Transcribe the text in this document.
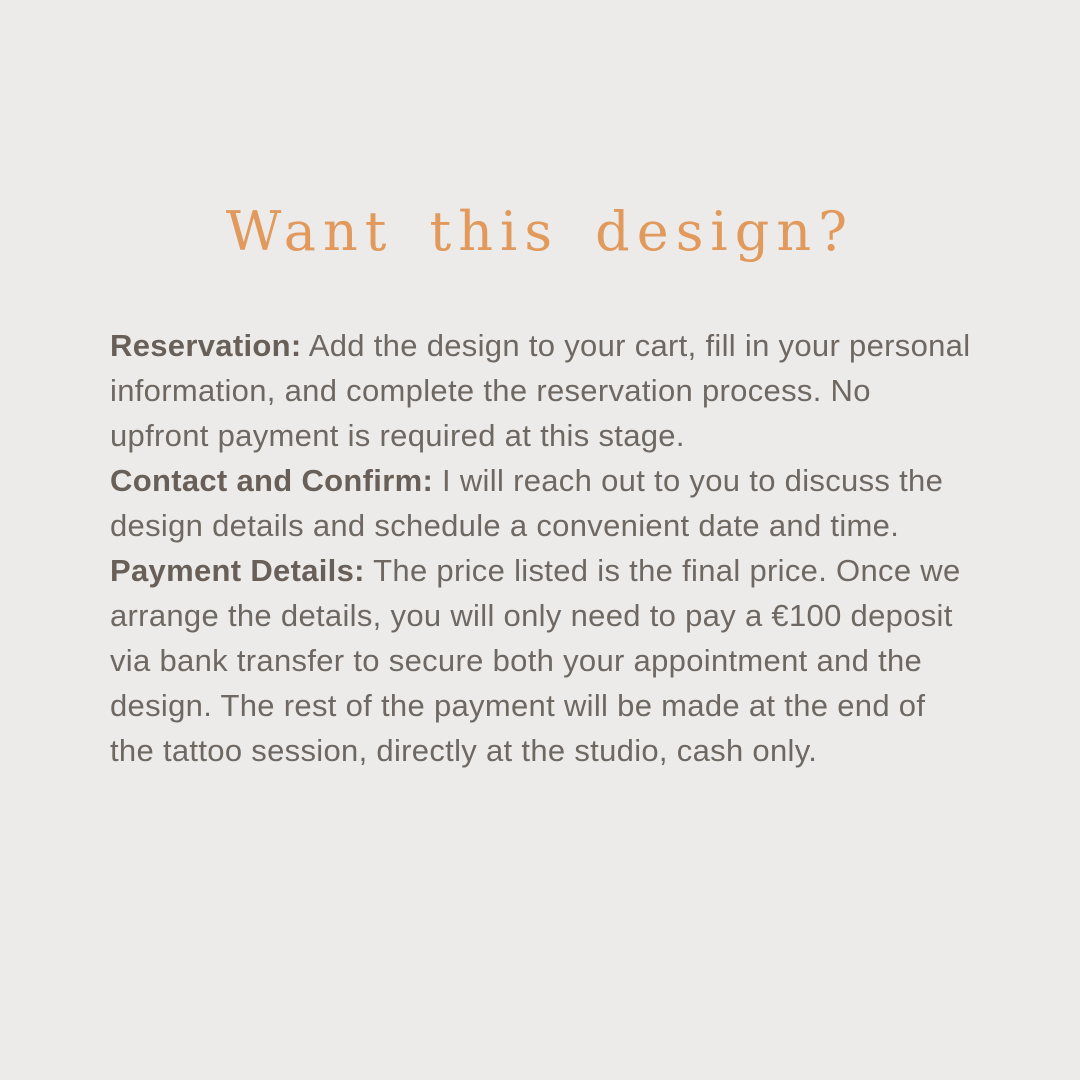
Want this design?

Reservation: Add the design to your cart, fill in your personal information, and complete the reservation process. No upfront payment is required at this stage.

Contact and Confirm: I will reach out to you to discuss the design details and schedule a convenient date and time.

Payment Details: The price listed is the final price. Once we arrange the details, you will only need to pay a €100 deposit via bank transfer to secure both your appointment and the design. The rest of the payment will be made at the end of the tattoo session, directly at the studio, cash only.
